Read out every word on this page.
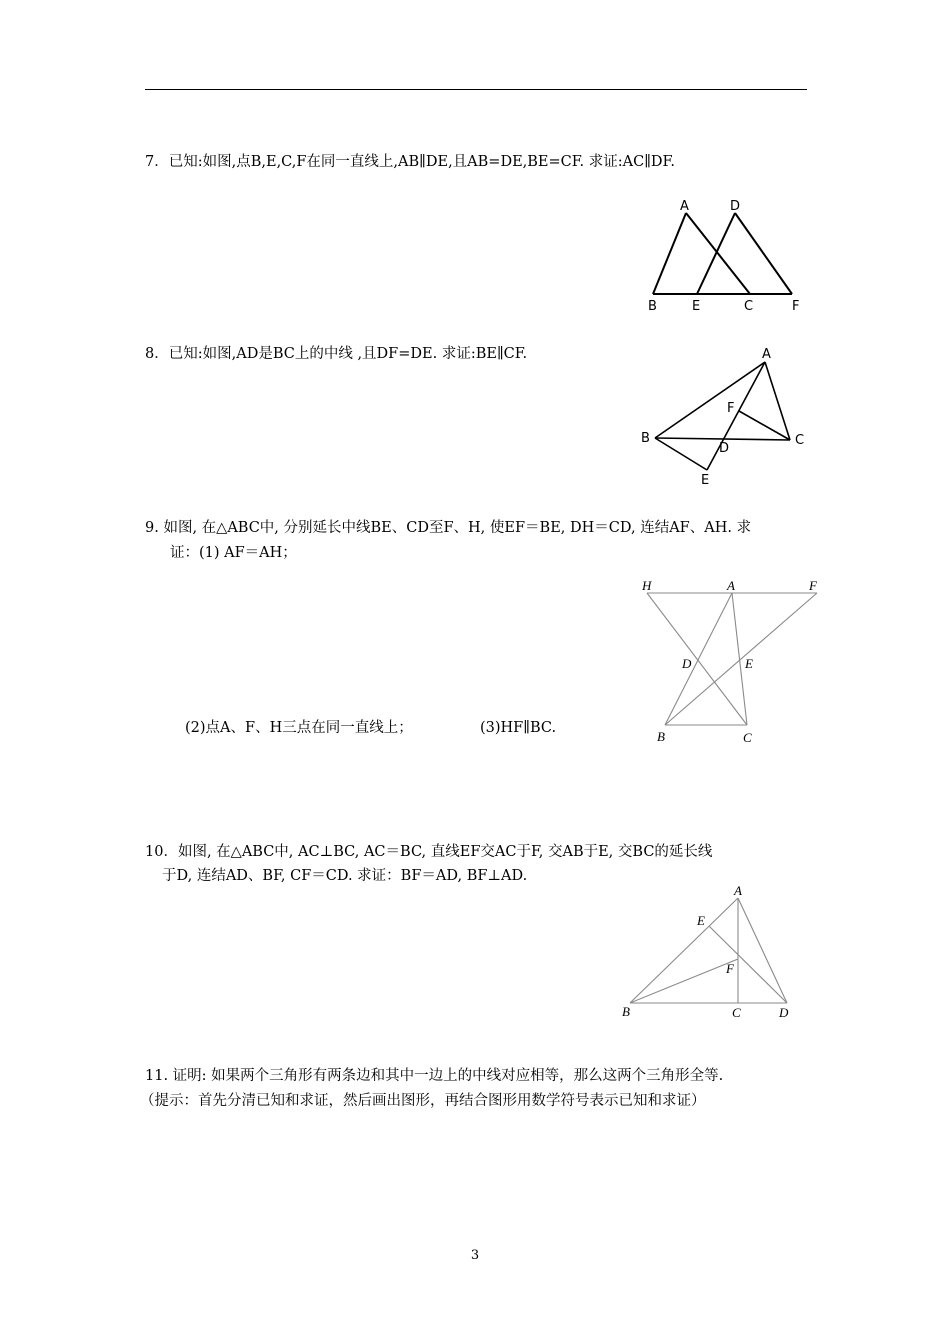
7．已知:如图,点B,E,C,F在同一直线上,AB∥DE,且AB=DE,BE=CF. 求证:AC∥DF.
A	D
B	E	C	F
8．已知:如图,AD是BC上的中线 ,且DF=DE. 求证:BE∥CF.	A
F
B
D
C
E
9. 如图, 在△ABC中, 分别延长中线BE、CD至F、H, 使EF＝BE, DH＝CD, 连结AF、AH. 求
证：(1) AF＝AH；
(2)点A、F、H三点在同一直线上；	(3)HF∥BC.
H	A	F
D	E
B	C
10．如图, 在△ABC中, AC⊥BC, AC＝BC, 直线EF交AC于F, 交AB于E, 交BC的延长线
于D, 连结AD、BF, CF＝CD. 求证：BF＝AD, BF⊥AD.
A
E
F
B	C	D
11. 证明: 如果两个三角形有两条边和其中一边上的中线对应相等，那么这两个三角形全等.
（提示：首先分清已知和求证，然后画出图形，再结合图形用数学符号表示已知和求证）
3
